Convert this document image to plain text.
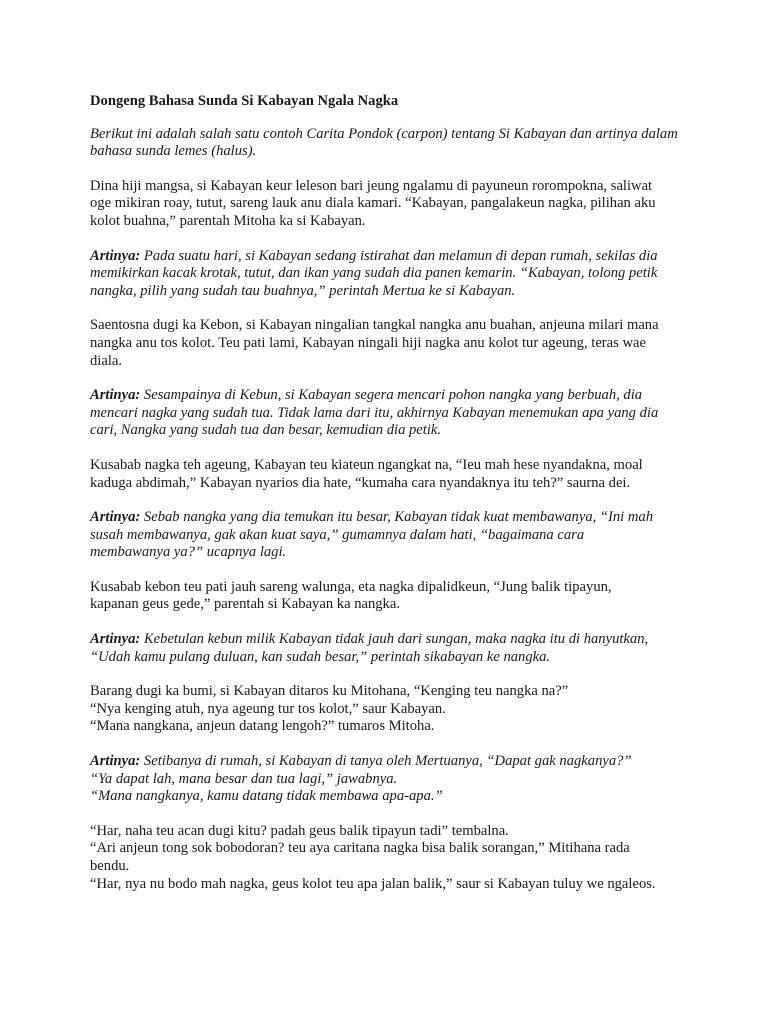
Dongeng Bahasa Sunda Si Kabayan Ngala Nagka
Berikut ini adalah salah satu contoh Carita Pondok (carpon) tentang Si Kabayan dan artinya dalam bahasa sunda lemes (halus).
Dina hiji mangsa, si Kabayan keur leleson bari jeung ngalamu di payuneun rorompokna, saliwat
oge mikiran roay, tutut, sareng lauk anu diala kamari. “Kabayan, pangalakeun nagka, pilihan aku
kolot buahna,” parentah Mitoha ka si Kabayan.
Artinya: Pada suatu hari, si Kabayan sedang istirahat dan melamun di depan rumah, sekilas dia
memikirkan kacak krotak, tutut, dan ikan yang sudah dia panen kemarin. “Kabayan, tolong petik
nangka, pilih yang sudah tau buahnya,” perintah Mertua ke si Kabayan.
Saentosna dugi ka Kebon, si Kabayan ningalian tangkal nangka anu buahan, anjeuna milari mana
nangka anu tos kolot. Teu pati lami, Kabayan ningali hiji nagka anu kolot tur ageung, teras wae
diala.
Artinya: Sesampainya di Kebun, si Kabayan segera mencari pohon nangka yang berbuah, dia
mencari nagka yang sudah tua. Tidak lama dari itu, akhirnya Kabayan menemukan apa yang dia
cari, Nangka yang sudah tua dan besar, kemudian dia petik.
Kusabab nagka teh ageung, Kabayan teu kiateun ngangkat na, “Ieu mah hese nyandakna, moal
kaduga abdimah,” Kabayan nyarios dia hate, “kumaha cara nyandaknya itu teh?” saurna dei.
Artinya: Sebab nangka yang dia temukan itu besar, Kabayan tidak kuat membawanya, “Ini mah
susah membawanya, gak akan kuat saya,” gumamnya dalam hati, “bagaimana cara
membawanya ya?” ucapnya lagi.
Kusabab kebon teu pati jauh sareng walunga, eta nagka dipalidkeun, “Jung balik tipayun,
kapanan geus gede,” parentah si Kabayan ka nangka.
Artinya: Kebetulan kebun milik Kabayan tidak jauh dari sungan, maka nagka itu di hanyutkan,
“Udah kamu pulang duluan, kan sudah besar,” perintah sikabayan ke nangka.
Barang dugi ka bumi, si Kabayan ditaros ku Mitohana, “Kenging teu nangka na?”
“Nya kenging atuh, nya ageung tur tos kolot,” saur Kabayan.
“Mana nangkana, anjeun datang lengoh?” tumaros Mitoha.
Artinya: Setibanya di rumah, si Kabayan di tanya oleh Mertuanya, “Dapat gak nagkanya?”
“Ya dapat lah, mana besar dan tua lagi,” jawabnya.
“Mana nangkanya, kamu datang tidak membawa apa-apa.”
“Har, naha teu acan dugi kitu? padah geus balik tipayun tadi” tembalna.
“Ari anjeun tong sok bobodoran? teu aya caritana nagka bisa balik sorangan,” Mitihana rada
bendu.
“Har, nya nu bodo mah nagka, geus kolot teu apa jalan balik,” saur si Kabayan tuluy we ngaleos.
